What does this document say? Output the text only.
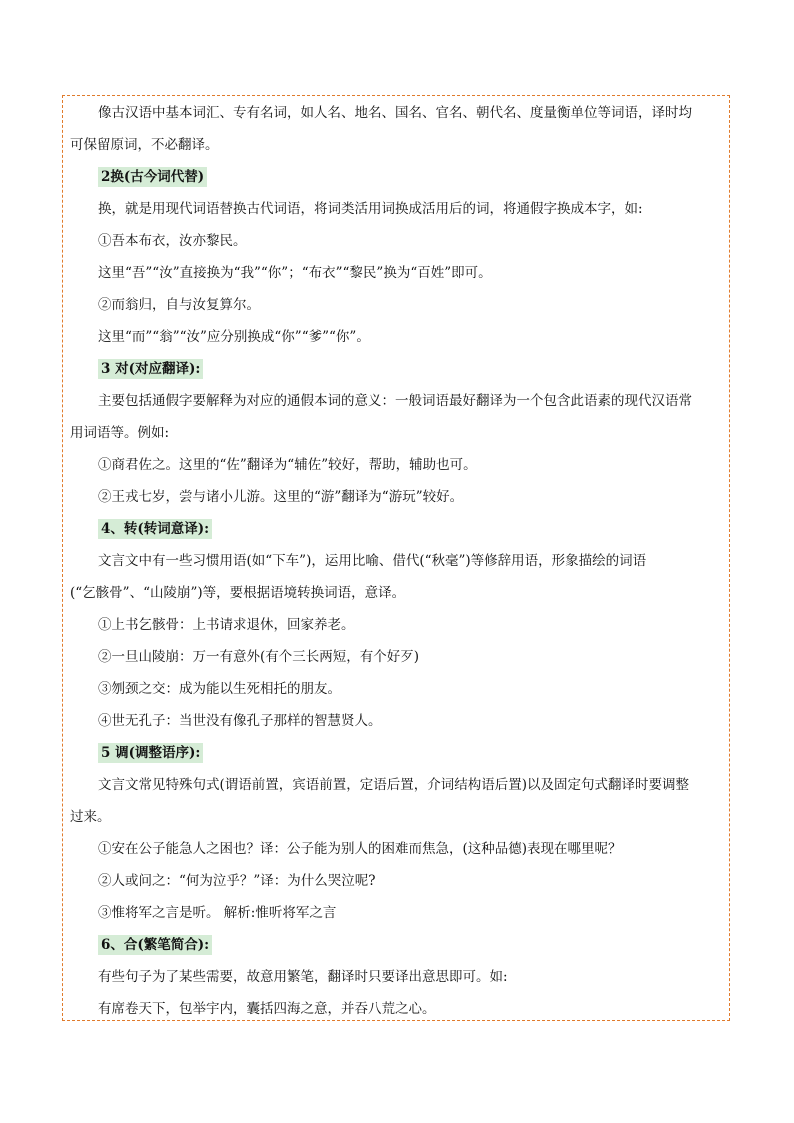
像古汉语中基本词汇、专有名词，如人名、地名、国名、官名、朝代名、度量衡单位等词语，译时均
可保留原词，不必翻译。
2换(古今词代替)
换，就是用现代词语替换古代词语，将词类活用词换成活用后的词，将通假字换成本字，如:
①吾本布衣，汝亦黎民。
这里“吾”“汝”直接换为“我”“你”；“布衣”“黎民”换为“百姓”即可。
②而翁归，自与汝复算尔。
这里“而”“翁”“汝”应分别换成“你”“爹”“你”。
3 对(对应翻译):
主要包括通假字要解释为对应的通假本词的意义：一般词语最好翻译为一个包含此语素的现代汉语常
用词语等。例如:
①商君佐之。这里的“佐”翻译为“辅佐”较好，帮助，辅助也可。
②王戎七岁，尝与诸小儿游。这里的“游”翻译为“游玩”较好。
4、转(转词意译):
文言文中有一些习惯用语(如“下车”)，运用比喻、借代(“秋毫”)等修辞用语，形象描绘的词语
(“乞骸骨”、“山陵崩”)等，要根据语境转换词语，意译。
①上书乞骸骨：上书请求退休，回家养老。
②一旦山陵崩：万一有意外(有个三长两短，有个好歹)
③刎颈之交：成为能以生死相托的朋友。
④世无孔子：当世没有像孔子那样的智慧贤人。
5 调(调整语序):
文言文常见特殊句式(谓语前置，宾语前置，定语后置，介词结构语后置)以及固定句式翻译时要调整
过来。
①安在公子能急人之困也？译：公子能为别人的困难而焦急，(这种品德)表现在哪里呢？
②人或问之：“何为泣乎？”译：为什么哭泣呢?
③惟将军之言是听。 解析:惟听将军之言
6、合(繁笔简合):
有些句子为了某些需要，故意用繁笔，翻译时只要译出意思即可。如:
有席卷天下，包举宇内，囊括四海之意，并吞八荒之心。
